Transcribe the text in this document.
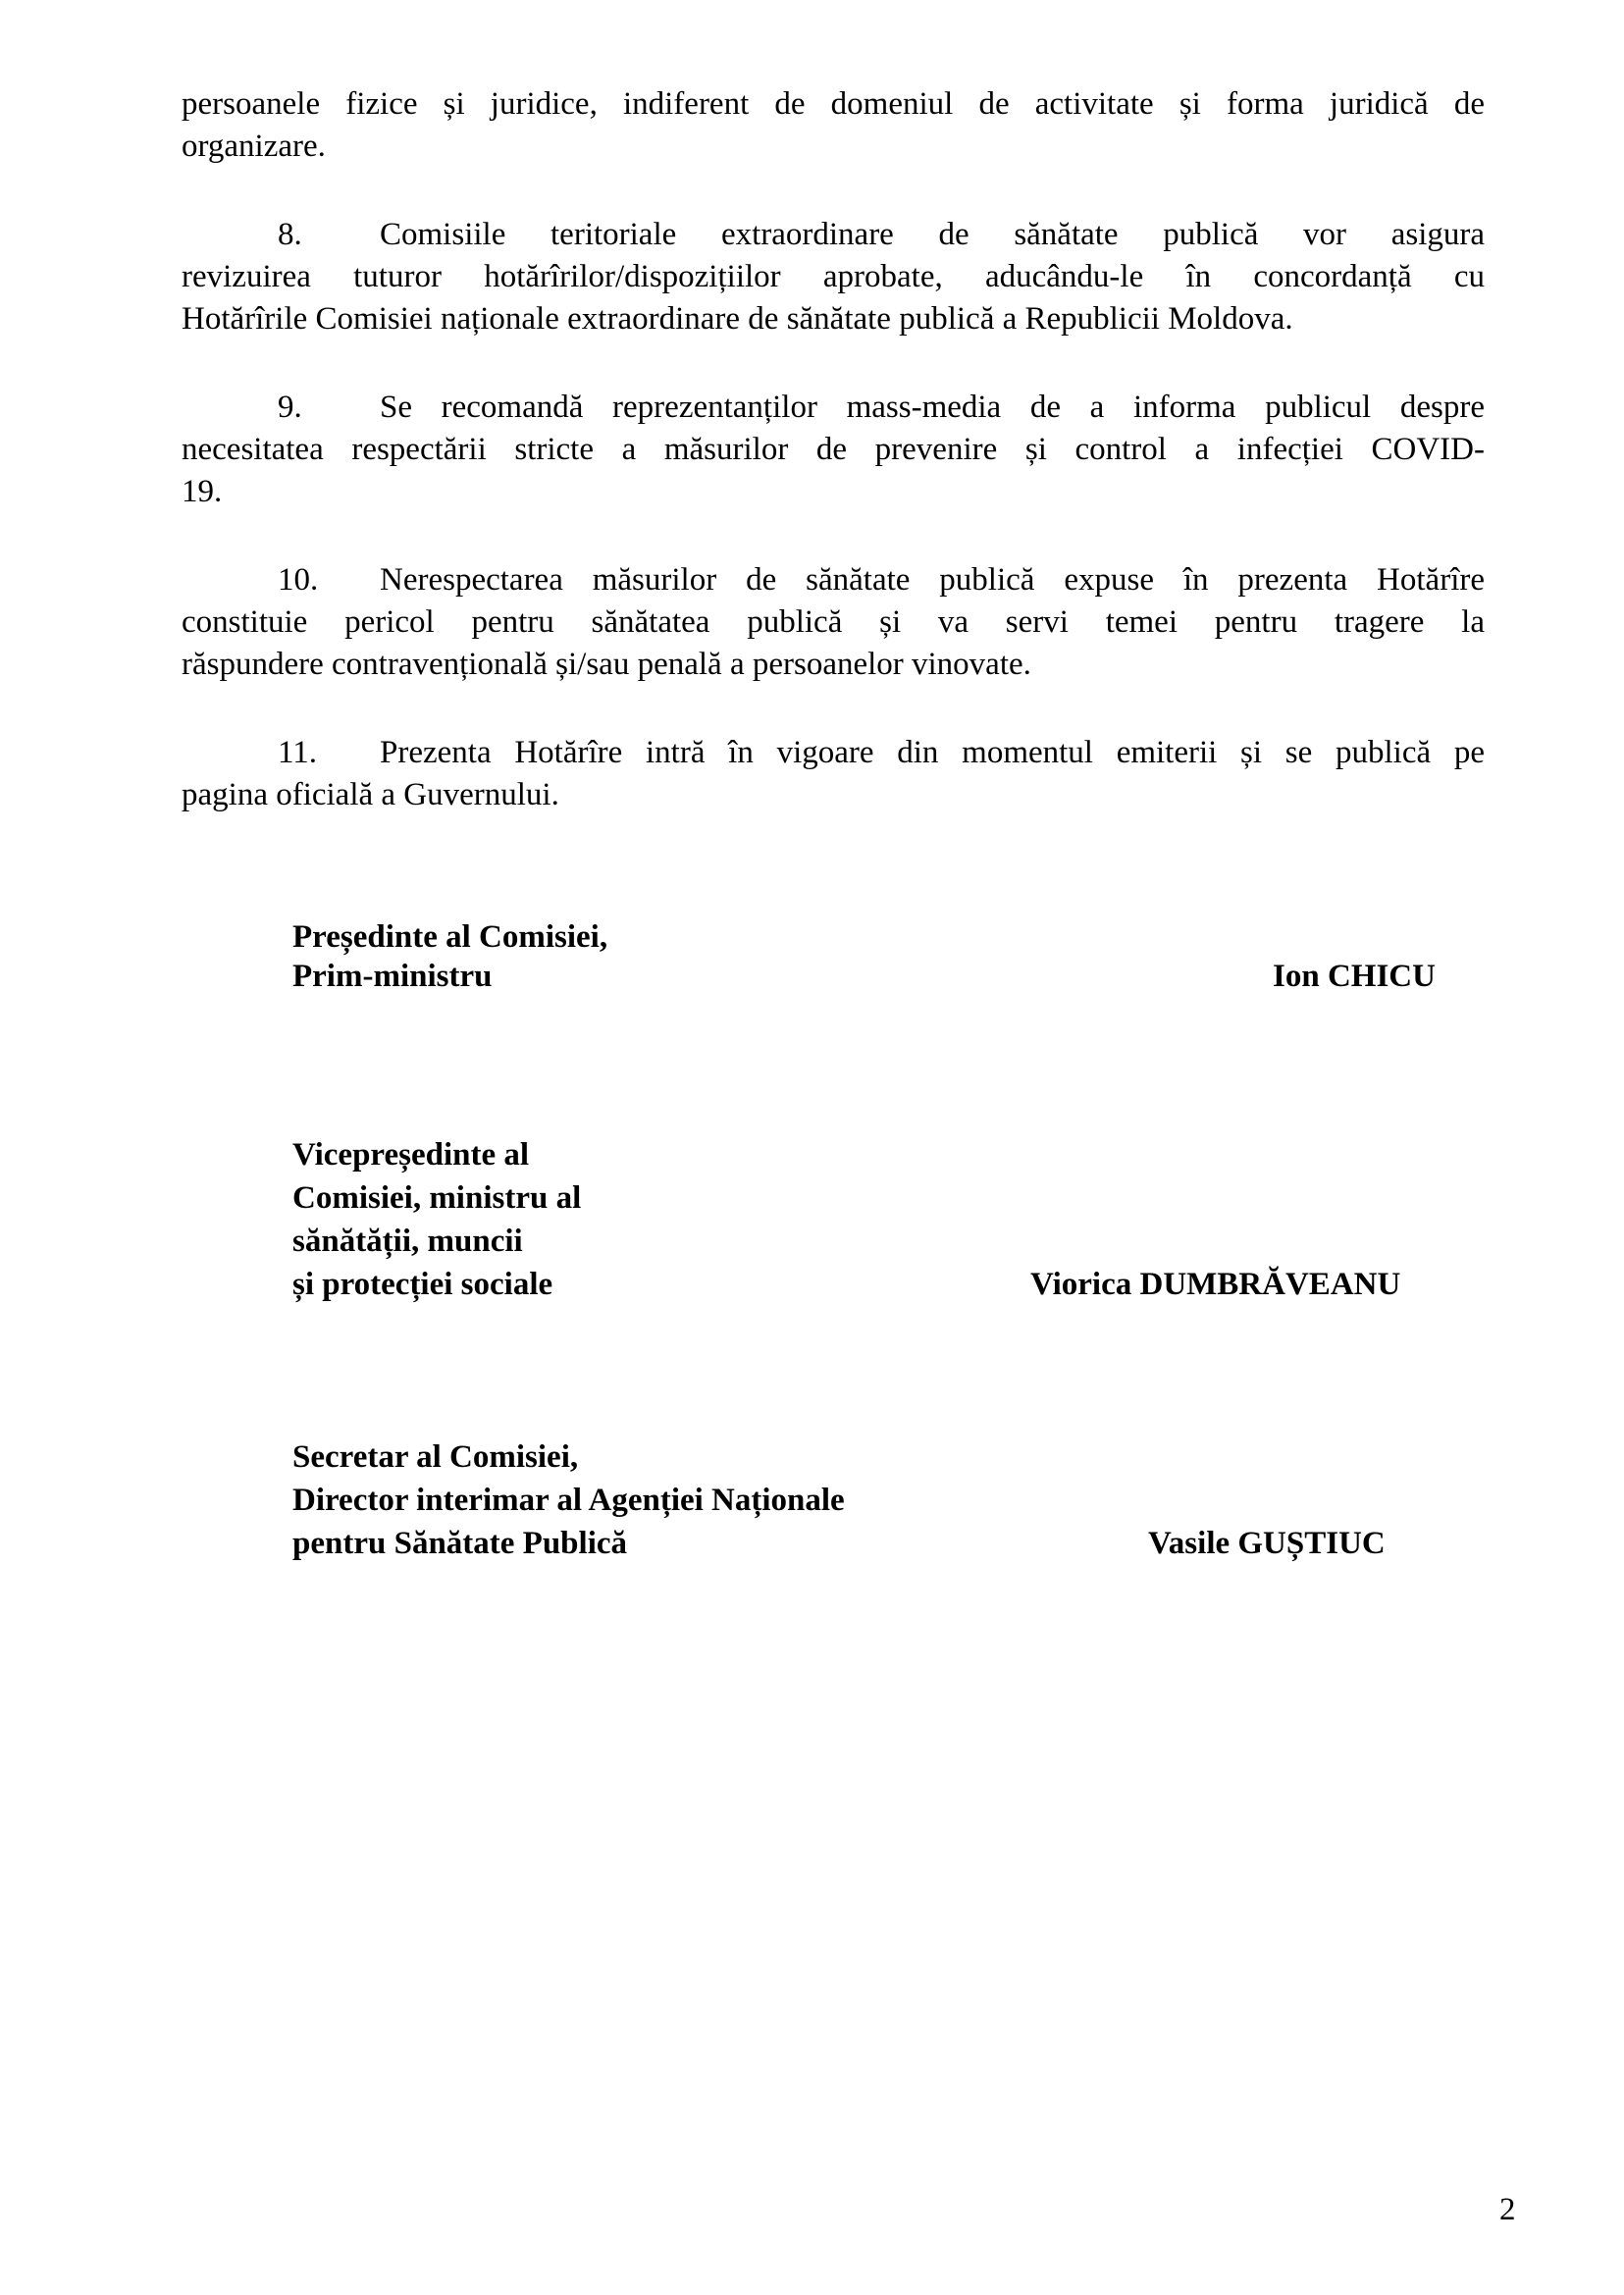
persoanele fizice și juridice, indiferent de domeniul de activitate și forma juridică de
organizare.
8. Comisiile teritoriale extraordinare de sănătate publică vor asigura
revizuirea tuturor hotărîrilor/dispozițiilor aprobate, aducându-le în concordanță cu
Hotărîrile Comisiei naționale extraordinare de sănătate publică a Republicii Moldova.
9. Se recomandă reprezentanților mass-media de a informa publicul despre
necesitatea respectării stricte a măsurilor de prevenire și control a infecției COVID-
19.
10. Nerespectarea măsurilor de sănătate publică expuse în prezenta Hotărîre
constituie pericol pentru sănătatea publică și va servi temei pentru tragere la
răspundere contravențională și/sau penală a persoanelor vinovate.
11. Prezenta Hotărîre intră în vigoare din momentul emiterii și se publică pe
pagina oficială a Guvernului.
Președinte al Comisiei,
Prim-ministru	Ion CHICU
Vicepreședinte al
Comisiei, ministru al
sănătății, muncii
și protecției sociale	Viorica DUMBRĂVEANU
Secretar al Comisiei,
Director interimar al Agenției Naționale
pentru Sănătate Publică	Vasile GUȘTIUC
2
